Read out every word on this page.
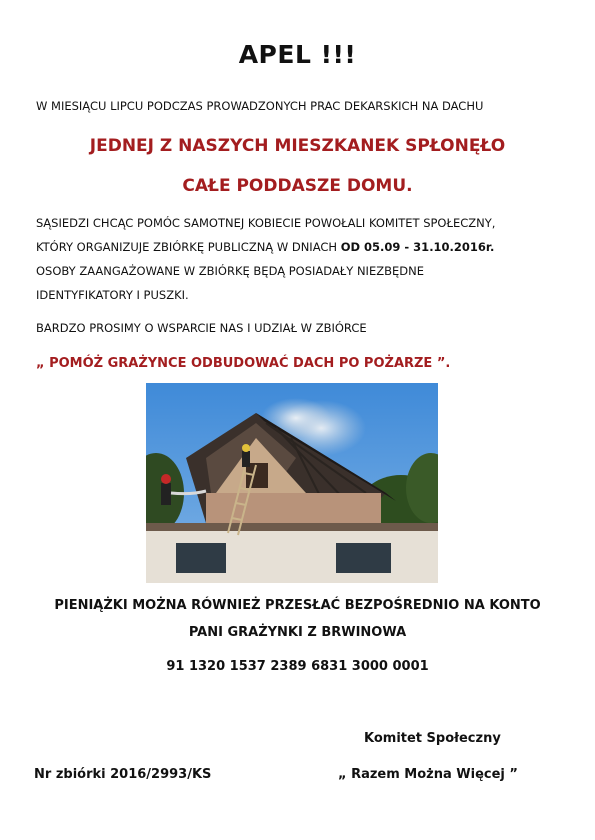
APEL !!!
W MIESIĄCU LIPCU PODCZAS PROWADZONYCH PRAC DEKARSKICH NA DACHU
JEDNEJ Z NASZYCH MIESZKANEK SPŁONĘŁO
CAŁE PODDASZE DOMU.
SĄSIEDZI CHCĄC POMÓC SAMOTNEJ KOBIECIE POWOŁALI KOMITET SPOŁECZNY,
KTÓRY ORGANIZUJE ZBIÓRKĘ PUBLICZNĄ W DNIACH OD 05.09 - 31.10.2016r.
OSOBY ZAANGAŻOWANE W ZBIÓRKĘ BĘDĄ POSIADAŁY NIEZBĘDNE
IDENTYFIKATORY I PUSZKI.
BARDZO PROSIMY O WSPARCIE NAS I UDZIAŁ W ZBIÓRCE
„ POMÓŻ GRAŻYNCE ODBUDOWAĆ DACH PO POŻARZE ”.
PIENIĄŻKI MOŻNA RÓWNIEŻ PRZESŁAĆ BEZPOŚREDNIO NA KONTO
PANI GRAŻYNKI Z BRWINOWA
91 1320 1537 2389 6831 3000 0001
Komitet Społeczny
Nr zbiórki 2016/2993/KS	„ Razem Można Więcej ”
